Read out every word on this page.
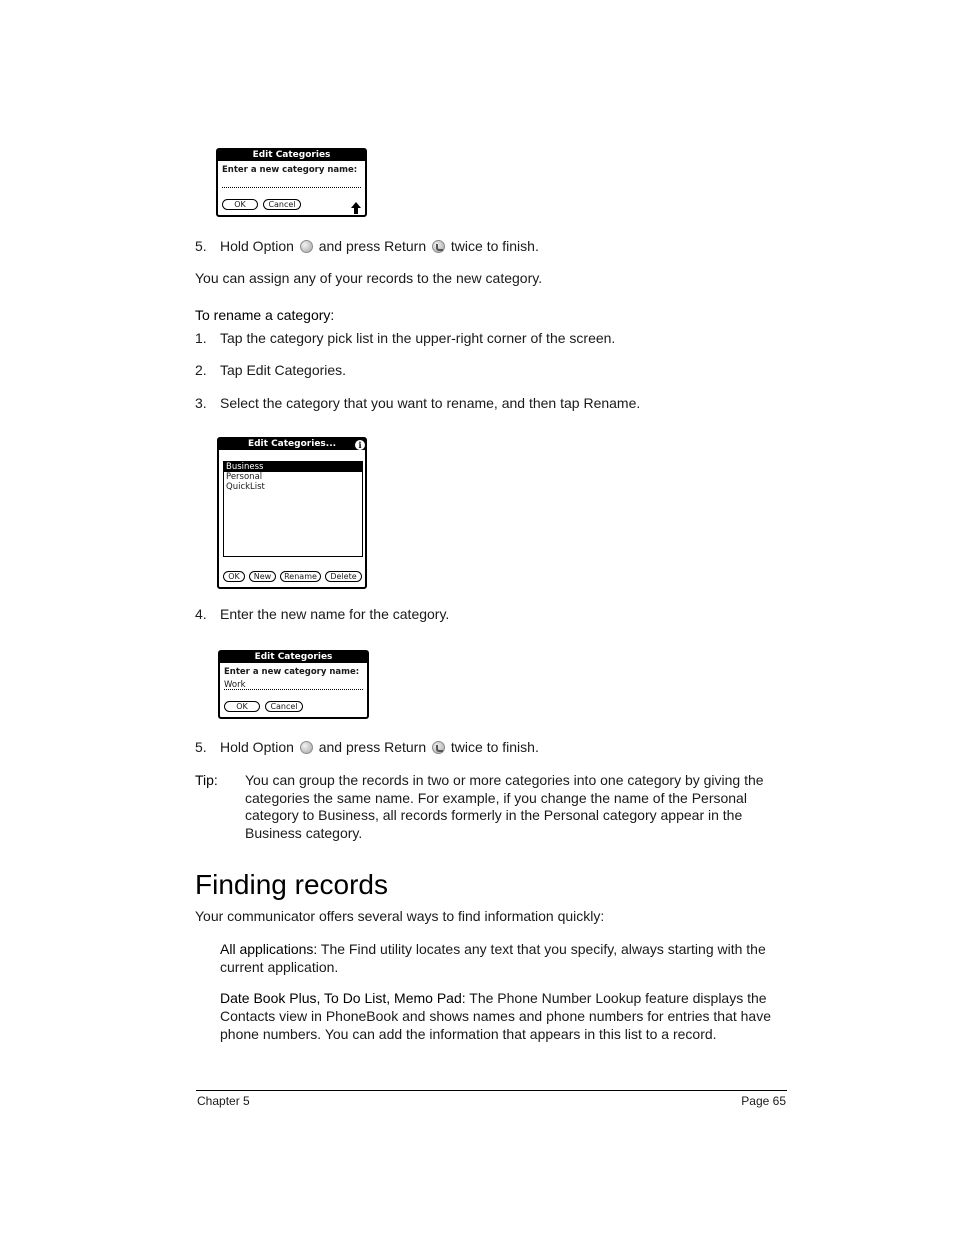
Edit Categories
Enter a new category name:
OK	Cancel
5. Hold Option and press Return twice to finish.
You can assign any of your records to the new category.
To rename a category:
1. Tap the category pick list in the upper-right corner of the screen.
2. Tap Edit Categories.
3. Select the category that you want to rename, and then tap Rename.
Edit Categories...	i
Business
Personal
QuickList
OK	New	Rename	Delete
4. Enter the new name for the category.
Edit Categories
Enter a new category name:
Work
OK	Cancel
5. Hold Option and press Return twice to finish.
Tip: You can group the records in two or more categories into one category by giving the
categories the same name. For example, if you change the name of the Personal
category to Business, all records formerly in the Personal category appear in the
Business category.
Finding records
Your communicator offers several ways to find information quickly:
All applications: The Find utility locates any text that you specify, always starting with the
current application.
Date Book Plus, To Do List, Memo Pad: The Phone Number Lookup feature displays the
Contacts view in PhoneBook and shows names and phone numbers for entries that have
phone numbers. You can add the information that appears in this list to a record.
Chapter 5	Page 65
